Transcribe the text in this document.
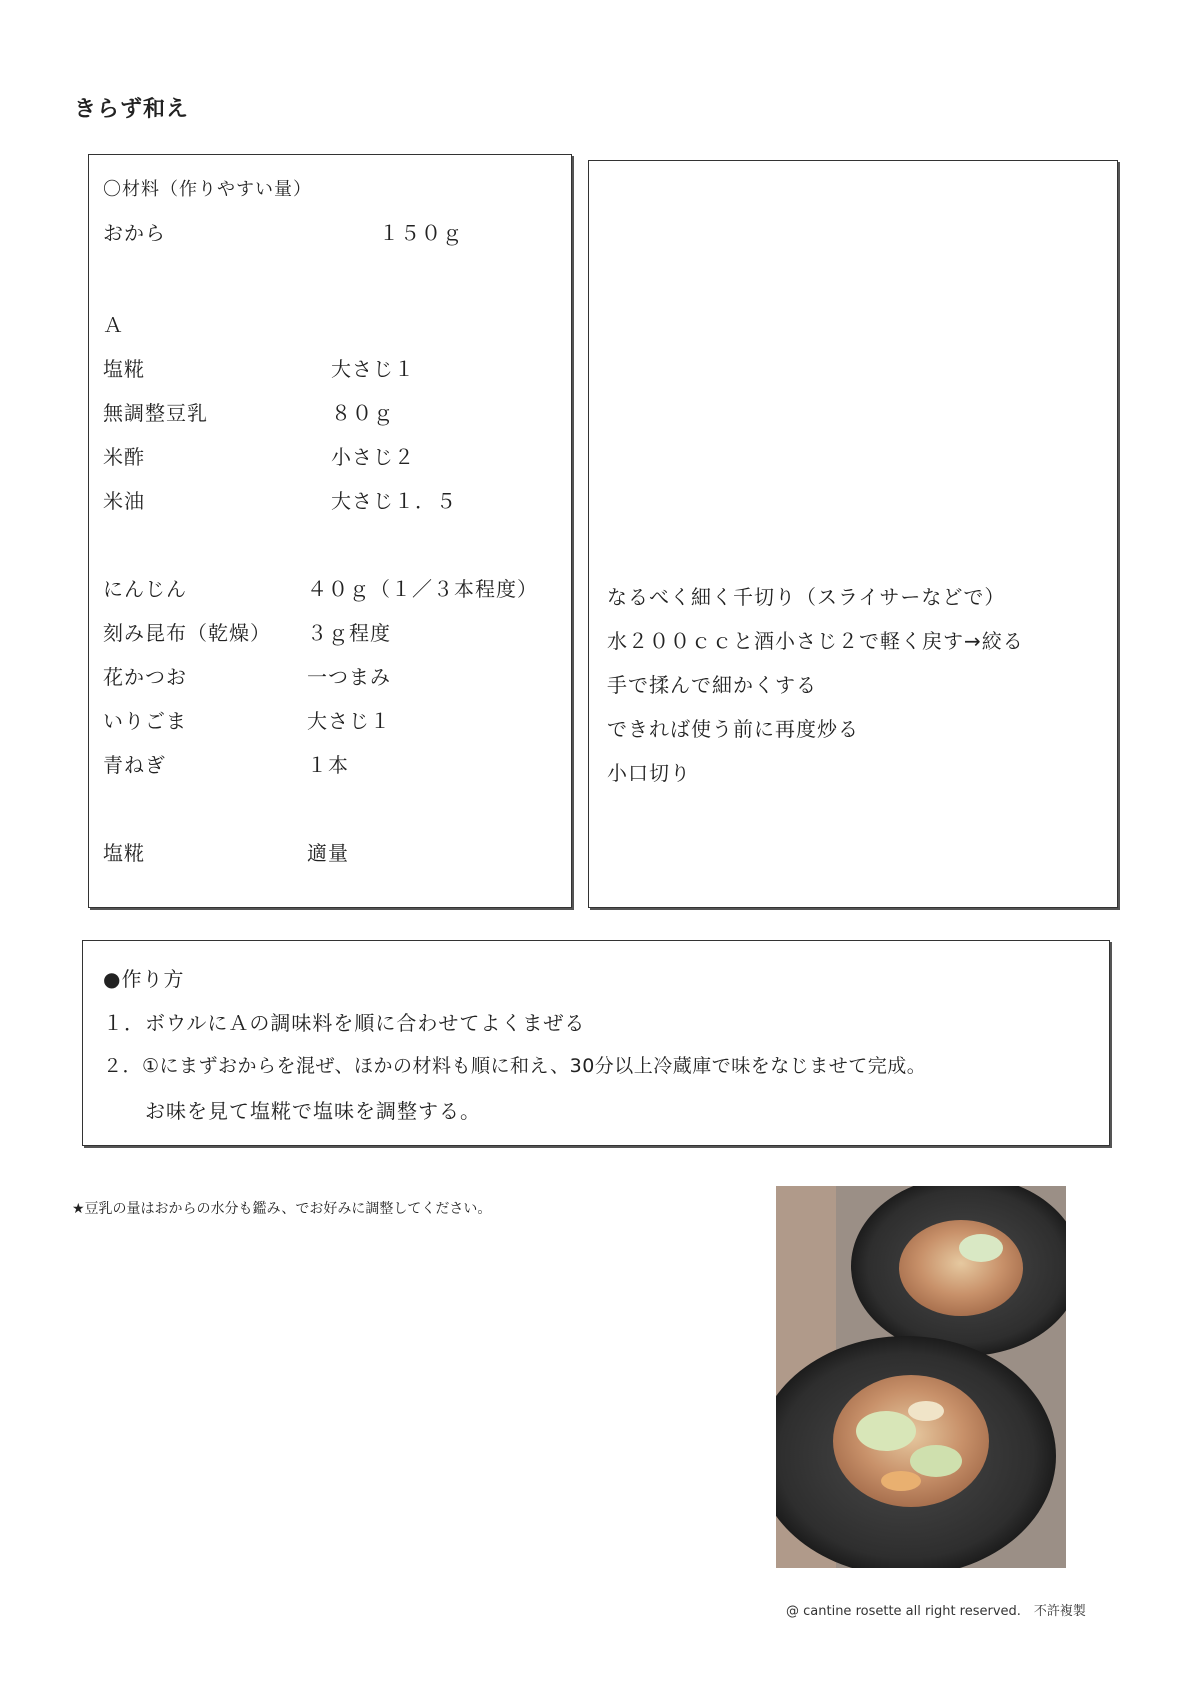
きらず和え
〇材料（作りやすい量）
おから	１５０ｇ
Ａ
塩糀	大さじ１
無調整豆乳	８０ｇ
米酢	小さじ２
米油	大さじ１．５
にんじん	４０ｇ（１／３本程度）
刻み昆布（乾燥） ３ｇ程度
花かつお	一つまみ
いりごま	大さじ１
青ねぎ	１本
塩糀	適量
なるべく細く千切り（スライサーなどで）
水２００ｃｃと酒小さじ２で軽く戻す→絞る
手で揉んで細かくする
できれば使う前に再度炒る
小口切り
●作り方
１．ボウルにＡの調味料を順に合わせてよくまぜる
２．①にまずおからを混ぜ、ほかの材料も順に和え、30分以上冷蔵庫で味をなじませて完成。
お味を見て塩糀で塩味を調整する。
★豆乳の量はおからの水分も鑑み、でお好みに調整してください。
@ cantine rosette all right reserved.　不許複製
